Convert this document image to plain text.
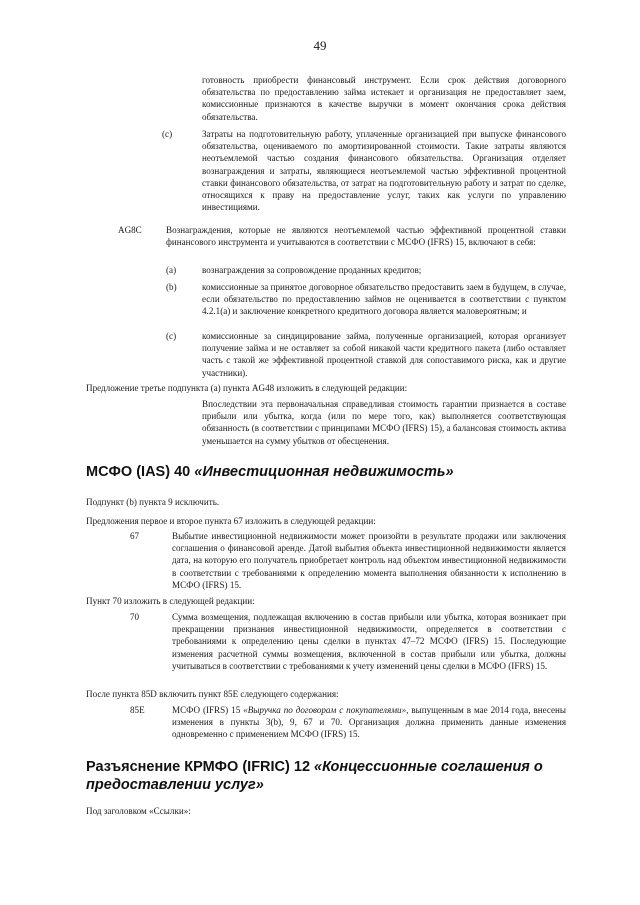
49
готовность приобрести финансовый инструмент. Если срок действия договорного обязательства по предоставлению займа истекает и организация не предоставляет заем, комиссионные признаются в качестве выручки в момент окончания срока действия обязательства.
(c)	Затраты на подготовительную работу, уплаченные организацией при выпуске финансового обязательства, оцениваемого по амортизированной стоимости. Такие затраты являются неотъемлемой частью создания финансового обязательства. Организация отделяет вознаграждения и затраты, являющиеся неотъемлемой частью эффективной процентной ставки финансового обязательства, от затрат на подготовительную работу и затрат по сделке, относящихся к праву на предоставление услуг, таких как услуги по управлению инвестициями.
AG8C	Вознаграждения, которые не являются неотъемлемой частью эффективной процентной ставки финансового инструмента и учитываются в соответствии с МСФО (IFRS) 15, включают в себя:
(a)	вознаграждения за сопровождение проданных кредитов;
(b)	комиссионные за принятое договорное обязательство предоставить заем в будущем, в случае, если обязательство по предоставлению займов не оценивается в соответствии с пунктом 4.2.1(a) и заключение конкретного кредитного договора является маловероятным; и
(c)	комиссионные за синдицирование займа, полученные организацией, которая организует получение займа и не оставляет за собой никакой части кредитного пакета (либо оставляет часть с такой же эффективной процентной ставкой для сопоставимого риска, как и другие участники).
Предложение третье подпункта (a) пункта AG48 изложить в следующей редакции:
Впоследствии эта первоначальная справедливая стоимость гарантии признается в составе прибыли или убытка, когда (или по мере того, как) выполняется соответствующая обязанность (в соответствии с принципами МСФО (IFRS) 15), а балансовая стоимость актива уменьшается на сумму убытков от обесценения.
МСФО (IAS) 40 «Инвестиционная недвижимость»
Подпункт (b) пункта 9 исключить.
Предложения первое и второе пункта 67 изложить в следующей редакции:
67	Выбытие инвестиционной недвижимости может произойти в результате продажи или заключения соглашения о финансовой аренде. Датой выбытия объекта инвестиционной недвижимости является дата, на которую его получатель приобретает контроль над объектом инвестиционной недвижимости в соответствии с требованиями к определению момента выполнения обязанности к исполнению в МСФО (IFRS) 15.
Пункт 70 изложить в следующей редакции:
70	Сумма возмещения, подлежащая включению в состав прибыли или убытка, которая возникает при прекращении признания инвестиционной недвижимости, определяется в соответствии с требованиями к определению цены сделки в пунктах 47–72 МСФО (IFRS) 15. Последующие изменения расчетной суммы возмещения, включенной в состав прибыли или убытка, должны учитываться в соответствии с требованиями к учету изменений цены сделки в МСФО (IFRS) 15.
После пункта 85D включить пункт 85E следующего содержания:
85E	МСФО (IFRS) 15 «Выручка по договорам с покупателями», выпущенным в мае 2014 года, внесены изменения в пункты 3(b), 9, 67 и 70. Организация должна применить данные изменения одновременно с применением МСФО (IFRS) 15.
Разъяснение КРМФО (IFRIC) 12 «Концессионные соглашения о предоставлении услуг»
Под заголовком «Ссылки»:
